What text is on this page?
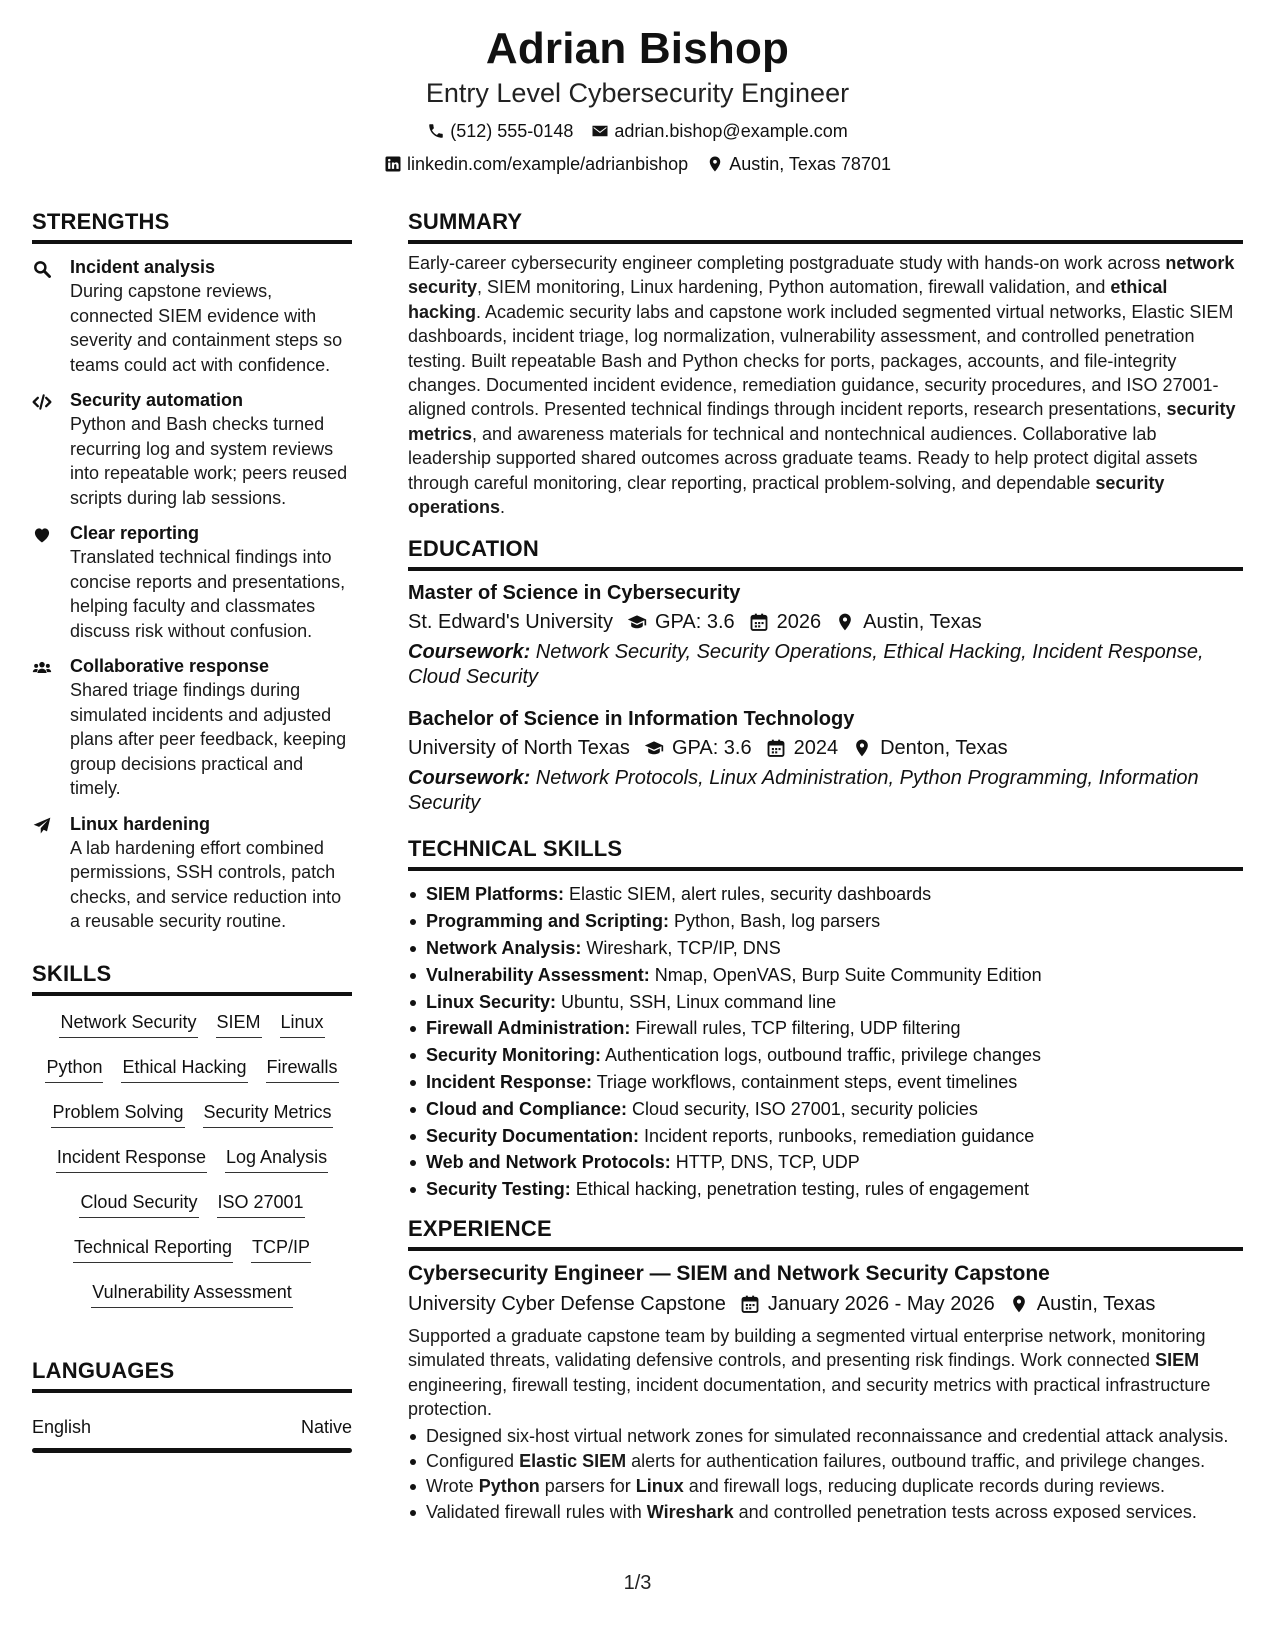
Adrian Bishop
Entry Level Cybersecurity Engineer
(512) 555-0148 adrian.bishop@example.com
linkedin.com/example/adrianbishop Austin, Texas 78701
STRENGTHS
Incident analysis
During capstone reviews, connected SIEM evidence with severity and containment steps so teams could act with confidence.
Security automation
Python and Bash checks turned recurring log and system reviews into repeatable work; peers reused scripts during lab sessions.
Clear reporting
Translated technical findings into concise reports and presentations, helping faculty and classmates discuss risk without confusion.
Collaborative response
Shared triage findings during simulated incidents and adjusted plans after peer feedback, keeping group decisions practical and timely.
Linux hardening
A lab hardening effort combined permissions, SSH controls, patch checks, and service reduction into a reusable security routine.
SKILLS
Network Security SIEM Linux
Python Ethical Hacking Firewalls
Problem Solving Security Metrics
Incident Response Log Analysis
Cloud Security ISO 27001
Technical Reporting TCP/IP
Vulnerability Assessment
LANGUAGES
English	Native
SUMMARY

Early-career cybersecurity engineer completing postgraduate study with hands-on work across network security, SIEM monitoring, Linux hardening, Python automation, firewall validation, and ethical hacking. Academic security labs and capstone work included segmented virtual networks, Elastic SIEM dashboards, incident triage, log normalization, vulnerability assessment, and controlled penetration testing. Built repeatable Bash and Python checks for ports, packages, accounts, and file-integrity changes. Documented incident evidence, remediation guidance, security procedures, and ISO 27001-aligned controls. Presented technical findings through incident reports, research presentations, security metrics, and awareness materials for technical and nontechnical audiences. Collaborative lab leadership supported shared outcomes across graduate teams. Ready to help protect digital assets through careful monitoring, clear reporting, practical problem-solving, and dependable security operations.

EDUCATION
Master of Science in Cybersecurity
St. Edward's University GPA: 3.6 2026 Austin, Texas
Coursework: Network Security, Security Operations, Ethical Hacking, Incident Response, Cloud Security
Bachelor of Science in Information Technology
University of North Texas GPA: 3.6 2024 Denton, Texas
Coursework: Network Protocols, Linux Administration, Python Programming, Information Security
TECHNICAL SKILLS
SIEM Platforms: Elastic SIEM, alert rules, security dashboards
Programming and Scripting: Python, Bash, log parsers
Network Analysis: Wireshark, TCP/IP, DNS
Vulnerability Assessment: Nmap, OpenVAS, Burp Suite Community Edition
Linux Security: Ubuntu, SSH, Linux command line
Firewall Administration: Firewall rules, TCP filtering, UDP filtering
Security Monitoring: Authentication logs, outbound traffic, privilege changes
Incident Response: Triage workflows, containment steps, event timelines
Cloud and Compliance: Cloud security, ISO 27001, security policies
Security Documentation: Incident reports, runbooks, remediation guidance
Web and Network Protocols: HTTP, DNS, TCP, UDP
Security Testing: Ethical hacking, penetration testing, rules of engagement
EXPERIENCE
Cybersecurity Engineer — SIEM and Network Security Capstone
University Cyber Defense Capstone January 2026 - May 2026 Austin, Texas

Supported a graduate capstone team by building a segmented virtual enterprise network, monitoring simulated threats, validating defensive controls, and presenting risk findings. Work connected SIEM engineering, firewall testing, incident documentation, and security metrics with practical infrastructure protection.

Designed six-host virtual network zones for simulated reconnaissance and credential attack analysis.
Configured Elastic SIEM alerts for authentication failures, outbound traffic, and privilege changes.
Wrote Python parsers for Linux and firewall logs, reducing duplicate records during reviews.
Validated firewall rules with Wireshark and controlled penetration tests across exposed services.
1/3
